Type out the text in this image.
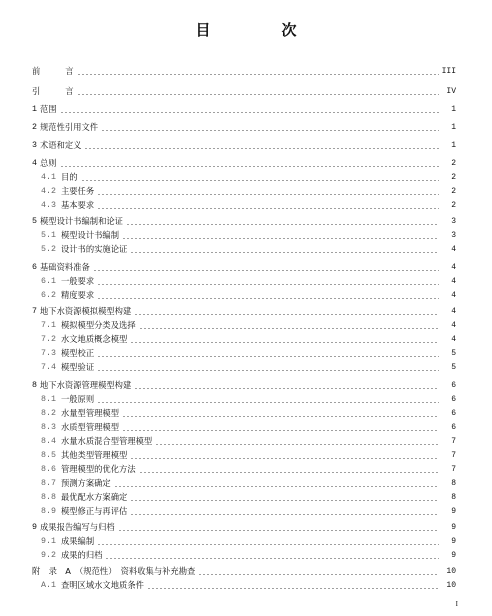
目　次
前　　　言	III
引　　　言	IV
1 范围	1
2 规范性引用文件	1
3 术语和定义	1
4 总则	2
4.1 目的	2
4.2 主要任务	2
4.3 基本要求	2
5 模型设计书编制和论证	3
5.1 模型设计书编制	3
5.2 设计书的实施论证	4
6 基础资料准备	4
6.1 一般要求	4
6.2 精度要求	4
7 地下水资源模拟模型构建	4
7.1 模拟模型分类及选择	4
7.2 水文地质概念模型	4
7.3 模型校正	5
7.4 模型验证	5
8 地下水资源管理模型构建	6
8.1 一般原则	6
8.2 水量型管理模型	6
8.3 水质型管理模型	6
8.4 水量水质混合型管理模型	7
8.5 其他类型管理模型	7
8.6 管理模型的优化方法	7
8.7 预测方案确定	8
8.8 最优配水方案确定	8
8.9 模型修正与再评估	9
9 成果报告编写与归档	9
9.1 成果编制	9
9.2 成果的归档	9
附　录　A　（规范性）　资料收集与补充勘查	10
A.1 查明区域水文地质条件	10
I
